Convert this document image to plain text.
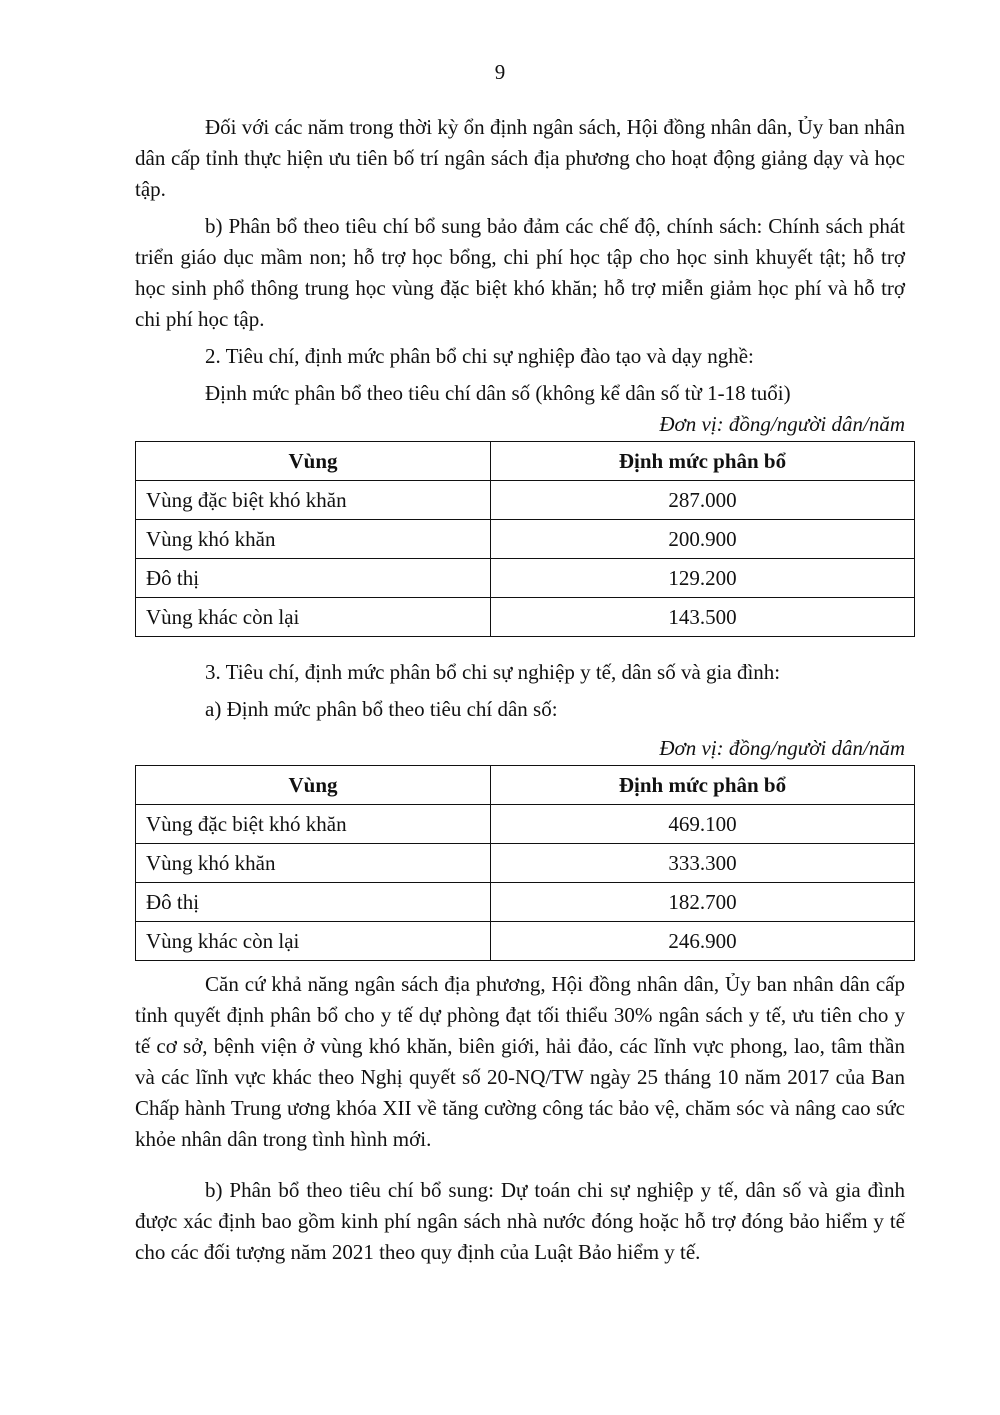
9

Đối với các năm trong thời kỳ ổn định ngân sách, Hội đồng nhân dân, Ủy ban nhân dân cấp tỉnh thực hiện ưu tiên bố trí ngân sách địa phương cho hoạt động giảng dạy và học tập.

b) Phân bổ theo tiêu chí bổ sung bảo đảm các chế độ, chính sách: Chính sách phát triển giáo dục mầm non; hỗ trợ học bổng, chi phí học tập cho học sinh khuyết tật; hỗ trợ học sinh phổ thông trung học vùng đặc biệt khó khăn; hỗ trợ miễn giảm học phí và hỗ trợ chi phí học tập.

2. Tiêu chí, định mức phân bổ chi sự nghiệp đào tạo và dạy nghề:

Định mức phân bổ theo tiêu chí dân số (không kể dân số từ 1-18 tuổi)

Đơn vị: đồng/người dân/năm
Vùng	Định mức phân bổ
Vùng đặc biệt khó khăn	287.000
Vùng khó khăn	200.900
Đô thị	129.200
Vùng khác còn lại	143.500

3. Tiêu chí, định mức phân bổ chi sự nghiệp y tế, dân số và gia đình:

a) Định mức phân bổ theo tiêu chí dân số:

Đơn vị: đồng/người dân/năm
Vùng	Định mức phân bổ
Vùng đặc biệt khó khăn	469.100
Vùng khó khăn	333.300
Đô thị	182.700
Vùng khác còn lại	246.900

Căn cứ khả năng ngân sách địa phương, Hội đồng nhân dân, Ủy ban nhân dân cấp tỉnh quyết định phân bổ cho y tế dự phòng đạt tối thiểu 30% ngân sách y tế, ưu tiên cho y tế cơ sở, bệnh viện ở vùng khó khăn, biên giới, hải đảo, các lĩnh vực phong, lao, tâm thần và các lĩnh vực khác theo Nghị quyết số 20-NQ/TW ngày 25 tháng 10 năm 2017 của Ban Chấp hành Trung ương khóa XII về tăng cường công tác bảo vệ, chăm sóc và nâng cao sức khỏe nhân dân trong tình hình mới.

b) Phân bổ theo tiêu chí bổ sung: Dự toán chi sự nghiệp y tế, dân số và gia đình được xác định bao gồm kinh phí ngân sách nhà nước đóng hoặc hỗ trợ đóng bảo hiểm y tế cho các đối tượng năm 2021 theo quy định của Luật Bảo hiểm y tế.
